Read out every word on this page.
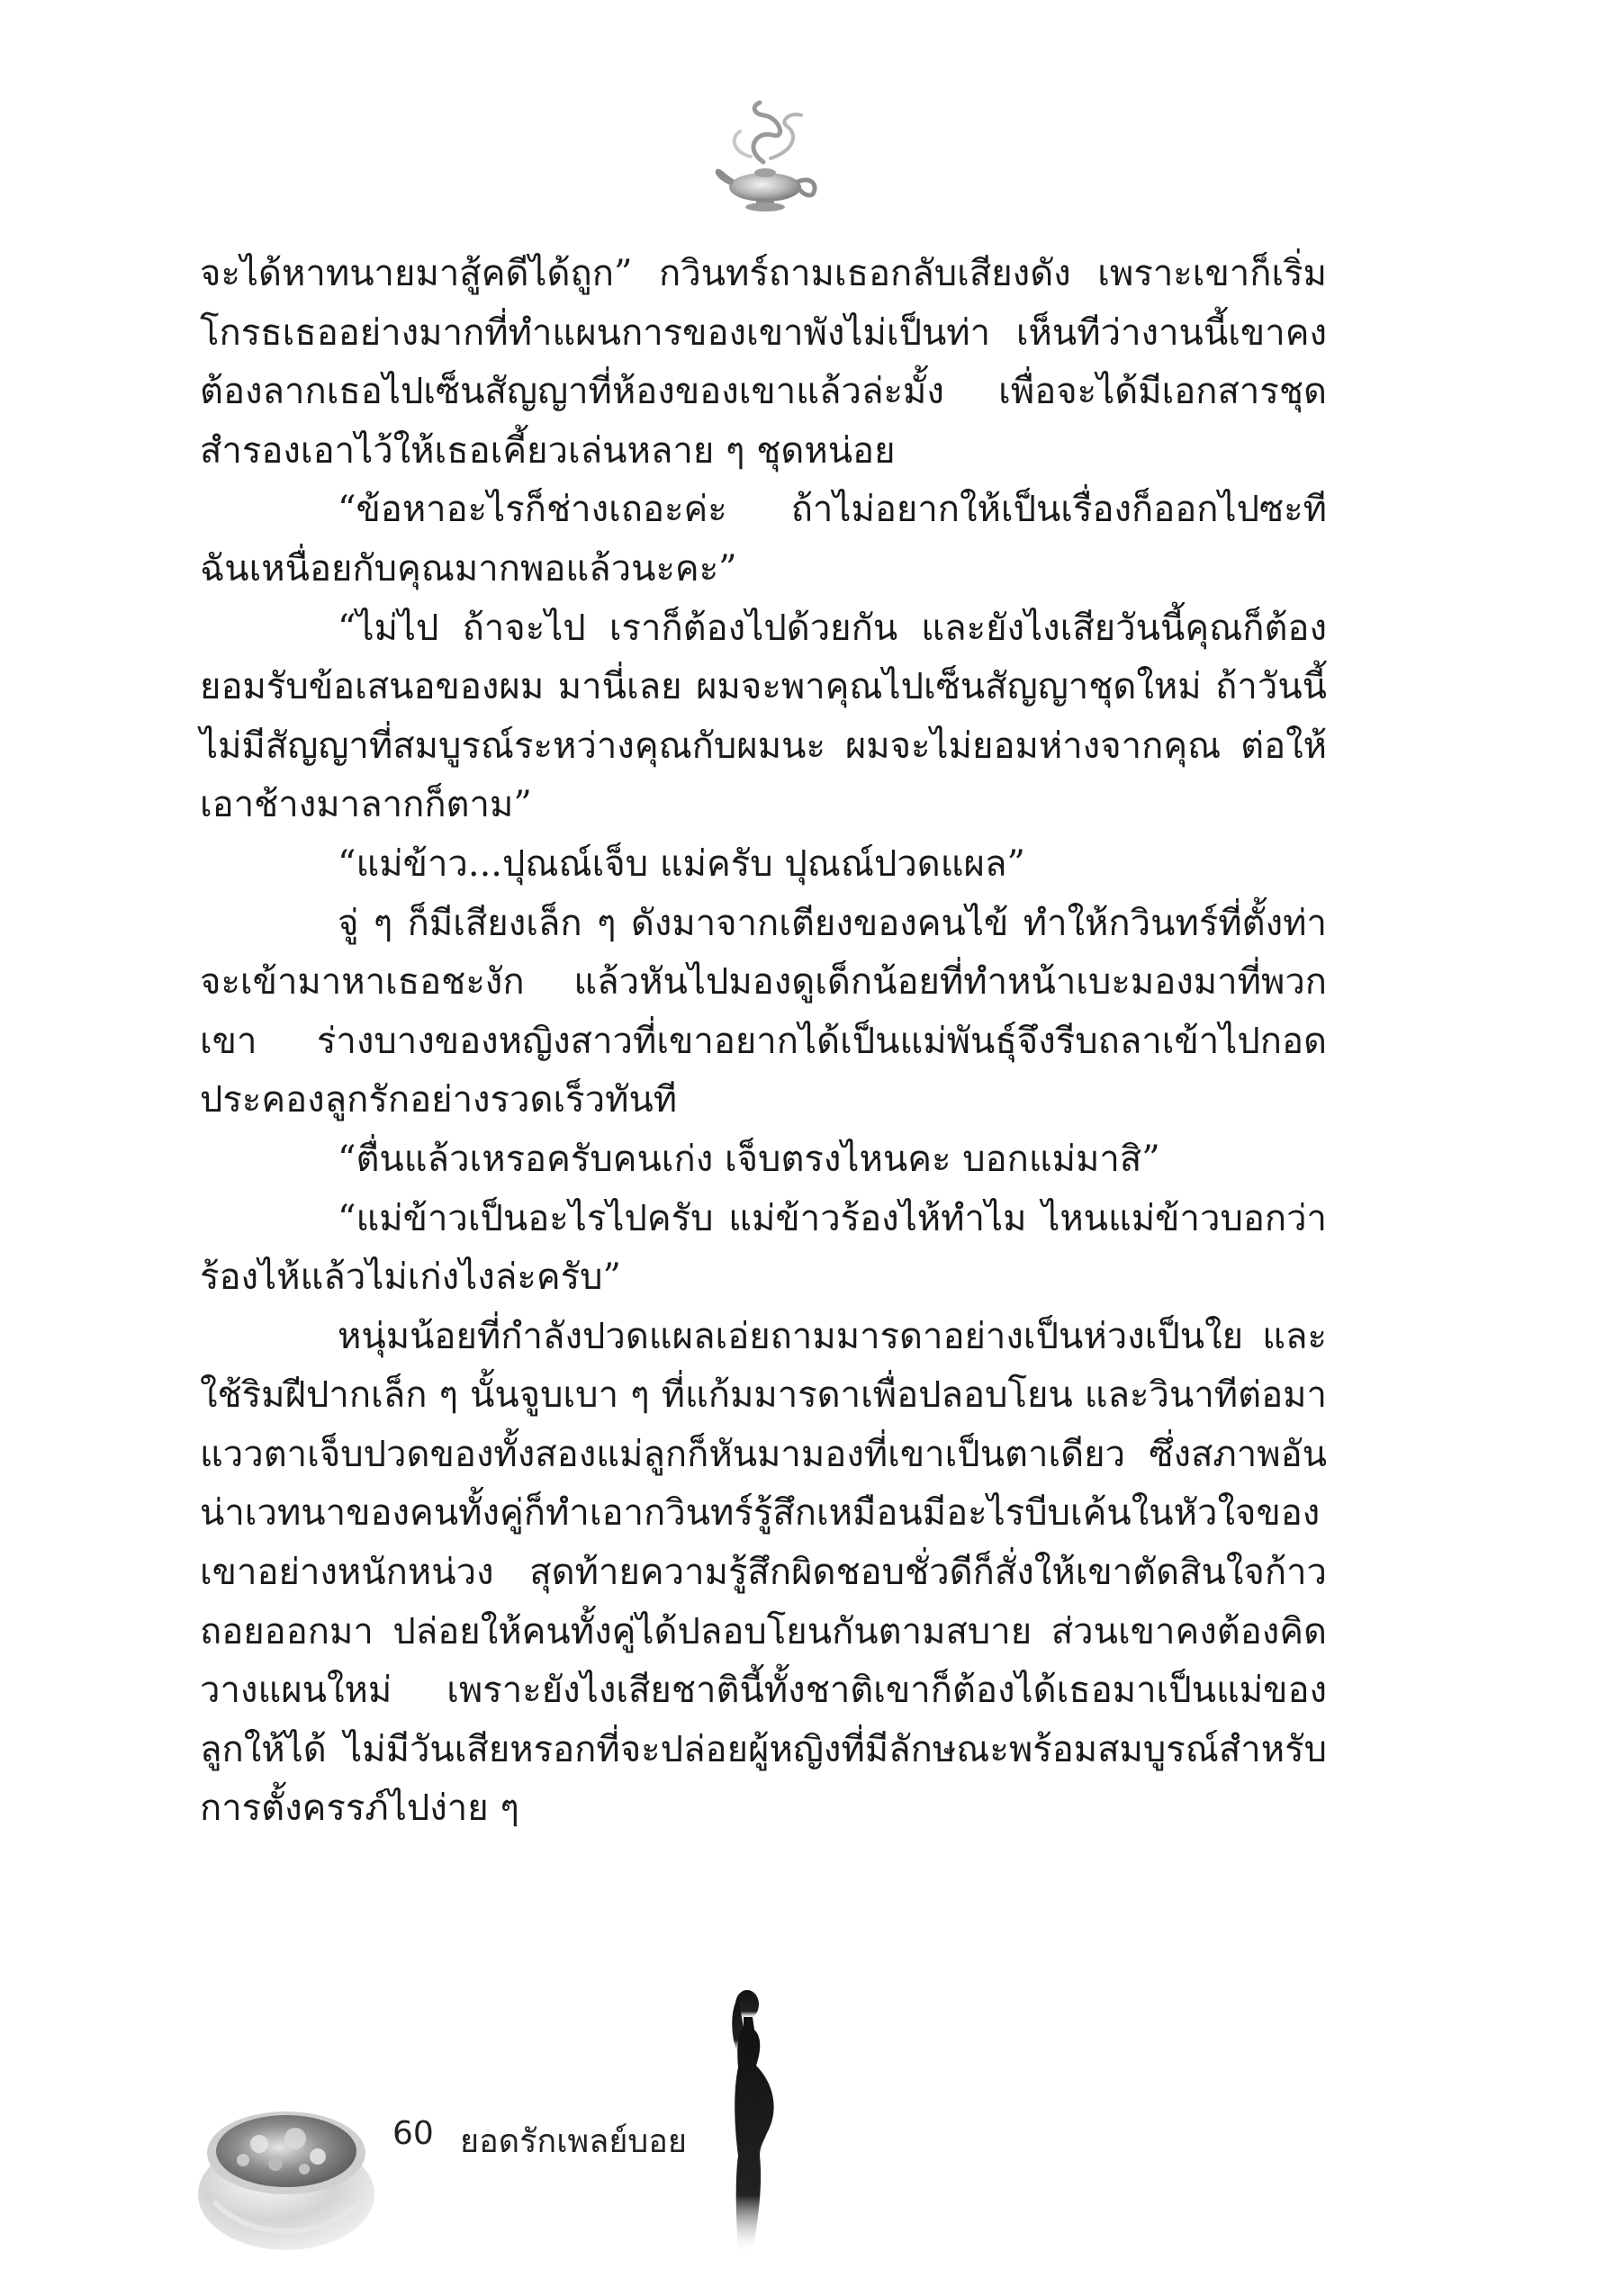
จะได้หาทนายมาสู้คดีได้ถูก” กวินทร์ถามเธอกลับเสียงดัง เพราะเขาก็เริ่มโกรธเธออย่างมากที่ทำแผนการของเขาพังไม่เป็นท่า เห็นทีว่างานนี้เขาคงต้องลากเธอไปเซ็นสัญญาที่ห้องของเขาแล้วล่ะมั้ง เพื่อจะได้มีเอกสารชุดสำรองเอาไว้ให้เธอเคี้ยวเล่นหลาย ๆ ชุดหน่อย

“ข้อหาอะไรก็ช่างเถอะค่ะ ถ้าไม่อยากให้เป็นเรื่องก็ออกไปซะที ฉันเหนื่อยกับคุณมากพอแล้วนะคะ”

“ไม่ไป ถ้าจะไป เราก็ต้องไปด้วยกัน และยังไงเสียวันนี้คุณก็ต้องยอมรับข้อเสนอของผม มานี่เลย ผมจะพาคุณไปเซ็นสัญญาชุดใหม่ ถ้าวันนี้ไม่มีสัญญาที่สมบูรณ์ระหว่างคุณกับผมนะ ผมจะไม่ยอมห่างจากคุณ ต่อให้เอาช้างมาลากก็ตาม”

“แม่ข้าว...ปุณณ์เจ็บ แม่ครับ ปุณณ์ปวดแผล”

จู่ ๆ ก็มีเสียงเล็ก ๆ ดังมาจากเตียงของคนไข้ ทำให้กวินทร์ที่ตั้งท่าจะเข้ามาหาเธอชะงัก แล้วหันไปมองดูเด็กน้อยที่ทำหน้าเบะมองมาที่พวกเขา ร่างบางของหญิงสาวที่เขาอยากได้เป็นแม่พันธุ์จึงรีบถลาเข้าไปกอดประคองลูกรักอย่างรวดเร็วทันที

“ตื่นแล้วเหรอครับคนเก่ง เจ็บตรงไหนคะ บอกแม่มาสิ”

“แม่ข้าวเป็นอะไรไปครับ แม่ข้าวร้องไห้ทำไม ไหนแม่ข้าวบอกว่าร้องไห้แล้วไม่เก่งไงล่ะครับ”

หนุ่มน้อยที่กำลังปวดแผลเอ่ยถามมารดาอย่างเป็นห่วงเป็นใย และใช้ริมฝีปากเล็ก ๆ นั้นจูบเบา ๆ ที่แก้มมารดาเพื่อปลอบโยน และวินาทีต่อมาแววตาเจ็บปวดของทั้งสองแม่ลูกก็หันมามองที่เขาเป็นตาเดียว ซึ่งสภาพอันน่าเวทนาของคนทั้งคู่ก็ทำเอากวินทร์รู้สึกเหมือนมีอะไรบีบเค้นในหัวใจของเขาอย่างหนักหน่วง สุดท้ายความรู้สึกผิดชอบชั่วดีก็สั่งให้เขาตัดสินใจก้าวถอยออกมา ปล่อยให้คนทั้งคู่ได้ปลอบโยนกันตามสบาย ส่วนเขาคงต้องคิดวางแผนใหม่ เพราะยังไงเสียชาตินี้ทั้งชาติเขาก็ต้องได้เธอมาเป็นแม่ของลูกให้ได้ ไม่มีวันเสียหรอกที่จะปล่อยผู้หญิงที่มีลักษณะพร้อมสมบูรณ์สำหรับการตั้งครรภ์ไปง่าย ๆ

60 ยอดรักเพลย์บอย
